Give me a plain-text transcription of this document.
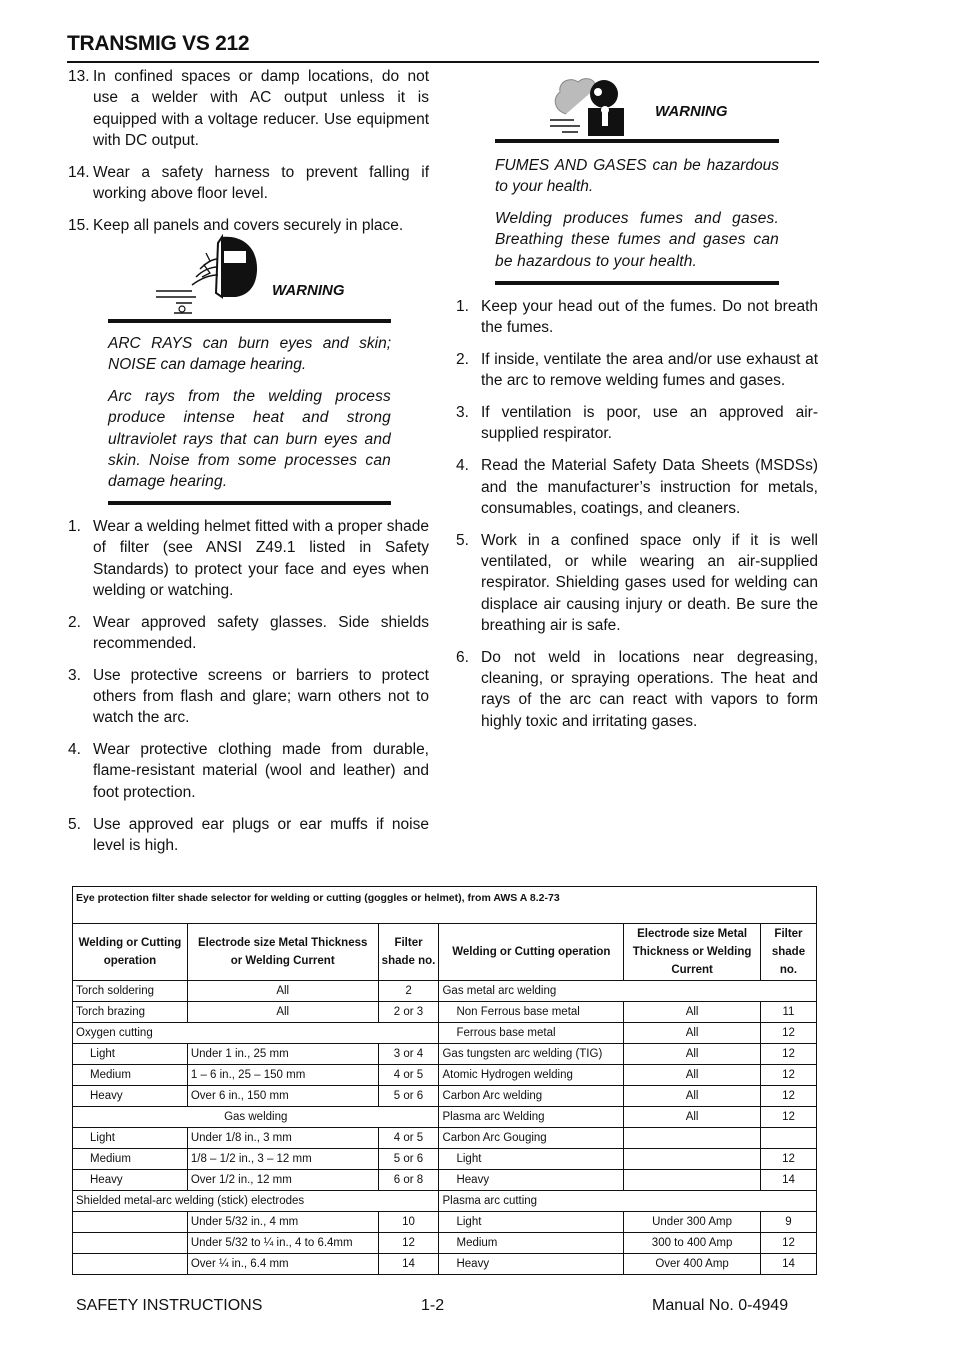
TRANSMIG VS 212
13. In confined spaces or damp locations, do not use a welder with AC output unless it is equipped with a voltage reducer. Use equipment with DC output.
14. Wear a safety harness to prevent falling if working above floor level.
15. Keep all panels and covers securely in place.
WARNING

ARC RAYS can burn eyes and skin; NOISE can damage hearing.

Arc rays from the welding process produce intense heat and strong ultraviolet rays that can burn eyes and skin. Noise from some processes can damage hearing.

1. Wear a welding helmet fitted with a proper shade of filter (see ANSI Z49.1 listed in Safety Standards) to protect your face and eyes when welding or watching.
2. Wear approved safety glasses. Side shields recommended.
3. Use protective screens or barriers to protect others from flash and glare; warn others not to watch the arc.
4. Wear protective clothing made from durable, flame-resistant material (wool and leather) and foot protection.
5. Use approved ear plugs or ear muffs if noise level is high.
WARNING

FUMES AND GASES can be hazardous to your health.

Welding produces fumes and gases. Breathing these fumes and gases can be hazardous to your health.

1. Keep your head out of the fumes. Do not breath the fumes.
2. If inside, ventilate the area and/or use exhaust at the arc to remove welding fumes and gases.
3. If ventilation is poor, use an approved air-supplied respirator.
4. Read the Material Safety Data Sheets (MSDSs) and the manufacturer’s instruction for metals, consumables, coatings, and cleaners.
5. Work in a confined space only if it is well ventilated, or while wearing an air-supplied respirator. Shielding gases used for welding can displace air causing injury or death. Be sure the breathing air is safe.
6. Do not weld in locations near degreasing, cleaning, or spraying operations. The heat and rays of the arc can react with vapors to form highly toxic and irritating gases.
Eye protection filter shade selector for welding or cutting (goggles or helmet), from AWS A 8.2-73					
Welding or Cutting operation	Electrode size Metal Thickness or Welding Current	Filter shade no.	Welding or Cutting operation	Electrode size Metal Thickness or Welding Current	Filter shade no.
Torch soldering	All	2	Gas metal arc welding		
Torch brazing	All	2 or 3	Non Ferrous base metal	All	11
Oxygen cutting			Ferrous base metal	All	12
Light	Under 1 in., 25 mm	3 or 4	Gas tungsten arc welding (TIG)	All	12
Medium	1 – 6 in., 25 – 150 mm	4 or 5	Atomic Hydrogen welding	All	12
Heavy	Over 6 in., 150 mm	5 or 6	Carbon Arc welding	All	12
Gas welding			Plasma arc Welding	All	12
Light	Under 1/8 in., 3 mm	4 or 5	Carbon Arc Gouging		
Medium	1/8 – 1/2 in., 3 – 12 mm	5 or 6	Light		12
Heavy	Over 1/2 in., 12 mm	6 or 8	Heavy		14
Shielded metal-arc welding (stick) electrodes			Plasma arc cutting		
	Under 5/32 in., 4 mm	10	Light	Under 300 Amp	9
	Under 5/32 to ¼ in., 4 to 6.4mm	12	Medium	300 to 400 Amp	12
	Over ¼ in., 6.4 mm	14	Heavy	Over 400 Amp	14
SAFETY INSTRUCTIONS	1-2	Manual No. 0-4949
